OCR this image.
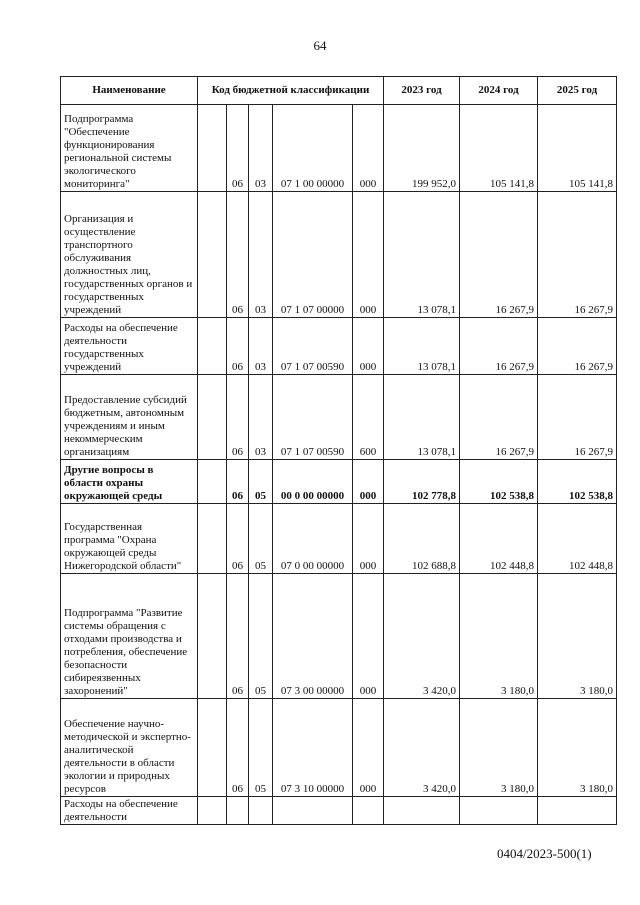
64
Наименование	Код бюджетной классификации					2023 год	2024 год	2025 год
Подпрограмма "Обеспечение функционирования региональной системы экологического мониторинга"		06	03	07 1 00 00000	000	199 952,0	105 141,8	105 141,8
Организация и осуществление транспортного обслуживания должностных лиц, государственных органов и государственных учреждений		06	03	07 1 07 00000	000	13 078,1	16 267,9	16 267,9
Расходы на обеспечение деятельности государственных учреждений		06	03	07 1 07 00590	000	13 078,1	16 267,9	16 267,9
Предоставление субсидий бюджетным, автономным учреждениям и иным некоммерческим организациям		06	03	07 1 07 00590	600	13 078,1	16 267,9	16 267,9
Другие вопросы в области охраны окружающей среды		06	05	00 0 00 00000	000	102 778,8	102 538,8	102 538,8
Государственная программа "Охрана окружающей среды Нижегородской области"		06	05	07 0 00 00000	000	102 688,8	102 448,8	102 448,8
Подпрограмма "Развитие системы обращения с отходами производства и потребления, обеспечение безопасности сибиреязвенных захоронений"		06	05	07 3 00 00000	000	3 420,0	3 180,0	3 180,0
Обеспечение научно-методической и экспертно-аналитической деятельности в области экологии и природных ресурсов		06	05	07 3 10 00000	000	3 420,0	3 180,0	3 180,0
Расходы на обеспечение деятельности								
0404/2023-500(1)
